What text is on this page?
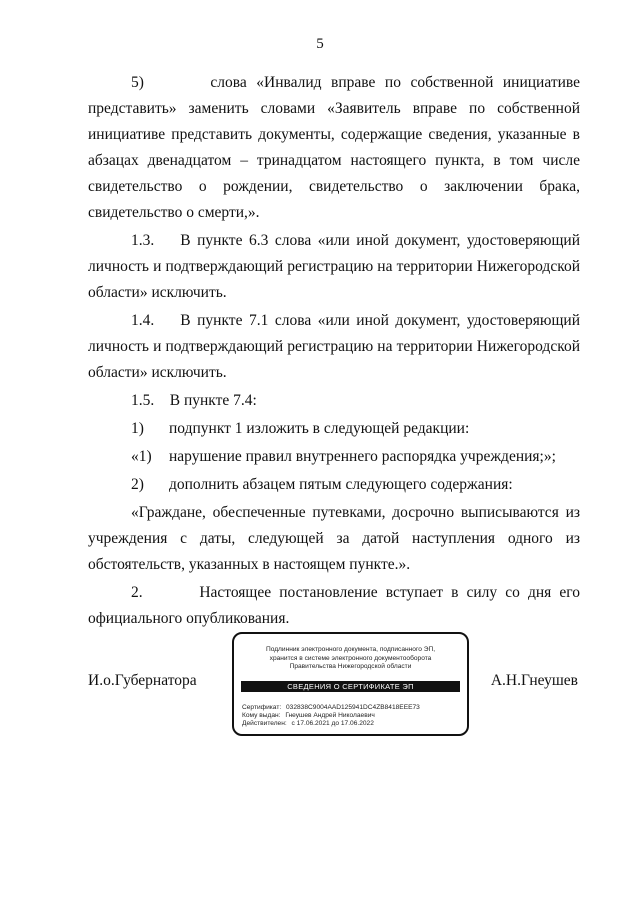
5

5)       слова «Инвалид вправе по собственной инициативе представить» заменить словами «Заявитель вправе по собственной инициативе представить документы, содержащие сведения, указанные в абзацах двенадцатом – тринадцатом настоящего пункта, в том числе свидетельство о рождении, свидетельство о заключении брака, свидетельство о смерти,».

1.3.    В пункте 6.3 слова «или иной документ, удостоверяющий личность и подтверждающий регистрацию на территории Нижегородской области» исключить.

1.4.    В пункте 7.1 слова «или иной документ, удостоверяющий личность и подтверждающий регистрацию на территории Нижегородской области» исключить.

1.5.    В пункте 7.4:

1)	подпункт 1 изложить в следующей редакции:
«1)	нарушение правил внутреннего распорядка учреждения;»;
2)	дополнить абзацем пятым следующего содержания:

«Граждане, обеспеченные путевками, досрочно выписываются из учреждения с даты, следующей за датой наступления одного из обстоятельств, указанных в настоящем пункте.».

2.       Настоящее постановление вступает в силу со дня его официального опубликования.

И.о.Губернатора
Подлинник электронного документа, подписанного ЭП,
хранится в системе электронного документооборота
Правительства Нижегородской области
СВЕДЕНИЯ О СЕРТИФИКАТЕ ЭП
Сертификат: 032838C9004AAD125941DC4ZB8418EEE73
Кому выдан: Гнеушев Андрей Николаевич
Действителен: с 17.06.2021 до 17.06.2022
А.Н.Гнеушев
